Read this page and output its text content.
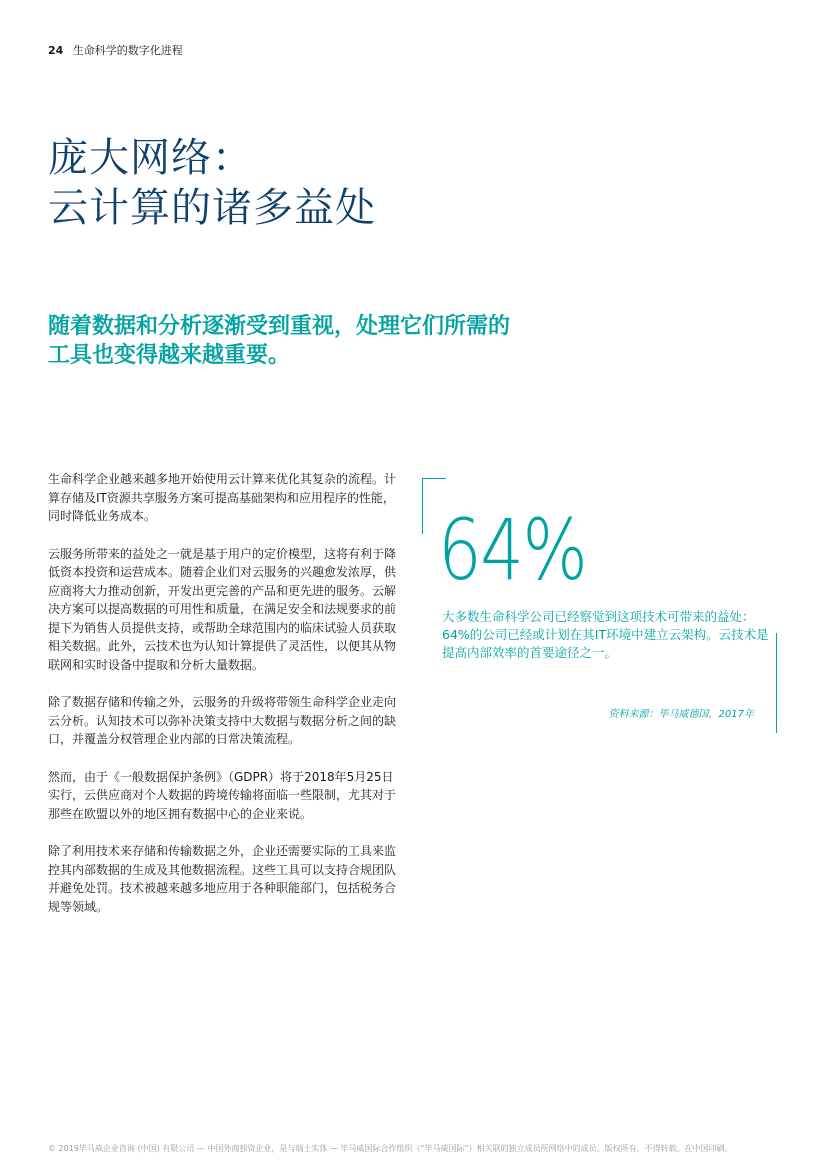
24 生命科学的数字化进程
庞大网络：
云计算的诸多益处
随着数据和分析逐渐受到重视，处理它们所需的
工具也变得越来越重要。

生命科学企业越来越多地开始使用云计算来优化其复杂的流程。计算存储及IT资源共享服务方案可提高基础架构和应用程序的性能，同时降低业务成本。

云服务所带来的益处之一就是基于用户的定价模型，这将有利于降低资本投资和运营成本。随着企业们对云服务的兴趣愈发浓厚，供应商将大力推动创新，开发出更完善的产品和更先进的服务。云解决方案可以提高数据的可用性和质量，在满足安全和法规要求的前提下为销售人员提供支持，或帮助全球范围内的临床试验人员获取相关数据。此外，云技术也为认知计算提供了灵活性，以便其从物联网和实时设备中提取和分析大量数据。

除了数据存储和传输之外，云服务的升级将带领生命科学企业走向云分析。认知技术可以弥补决策支持中大数据与数据分析之间的缺口，并覆盖分权管理企业内部的日常决策流程。

然而，由于《一般数据保护条例》（GDPR）将于2018年5月25日实行，云供应商对个人数据的跨境传输将面临一些限制，尤其对于那些在欧盟以外的地区拥有数据中心的企业来说。

除了利用技术来存储和传输数据之外，企业还需要实际的工具来监控其内部数据的生成及其他数据流程。这些工具可以支持合规团队并避免处罚。技术被越来越多地应用于各种职能部门，包括税务合规等领域。

64%
大多数生命科学公司已经察觉到这项技术可带来的益处：64%的公司已经或计划在其IT环境中建立云架构。云技术是提高内部效率的首要途径之一。
资料来源：毕马威德国，2017年
© 2019毕马威企业咨询 (中国) 有限公司 — 中国外商独资企业，是与瑞士实体 — 毕马威国际合作组织（“毕马威国际”）相关联的独立成员所网络中的成员。版权所有，不得转载。在中国印刷。
